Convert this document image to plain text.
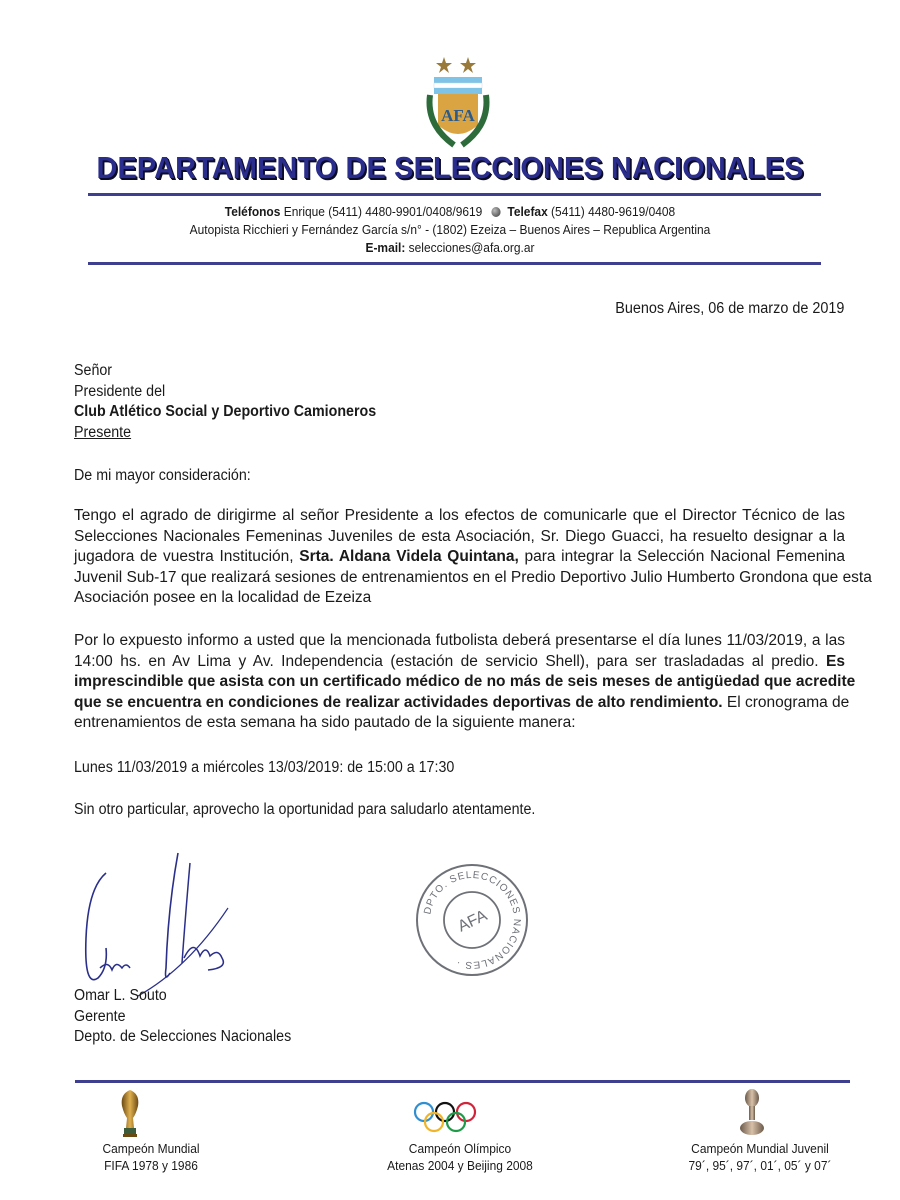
AFA
DEPARTAMENTO DE SELECCIONES NACIONALES
Teléfonos Enrique (5411) 4480-9901/0408/9619 Telefax (5411) 4480-9619/0408
Autopista Ricchieri y Fernández García s/n° - (1802) Ezeiza – Buenos Aires – Republica Argentina
E-mail: selecciones@afa.org.ar
Buenos Aires, 06 de marzo de 2019
Señor
Presidente del
Club Atlético Social y Deportivo Camioneros
Presente
De mi mayor consideración:
Tengo el agrado de dirigirme al señor Presidente a los efectos de comunicarle que el Director Técnico de las
Selecciones Nacionales Femeninas Juveniles de esta Asociación, Sr. Diego Guacci, ha resuelto designar a la
jugadora de vuestra Institución, Srta. Aldana Videla Quintana, para integrar la Selección Nacional Femenina
Juvenil Sub-17 que realizará sesiones de entrenamientos en el Predio Deportivo Julio Humberto Grondona que esta
Asociación posee en la localidad de Ezeiza
Por lo expuesto informo a usted que la mencionada futbolista deberá presentarse el día lunes 11/03/2019, a las
14:00 hs. en Av Lima y Av. Independencia (estación de servicio Shell), para ser trasladadas al predio. Es
imprescindible que asista con un certificado médico de no más de seis meses de antigüedad que acredite
que se encuentra en condiciones de realizar actividades deportivas de alto rendimiento. El cronograma de
entrenamientos de esta semana ha sido pautado de la siguiente manera:
Lunes 11/03/2019 a miércoles 13/03/2019: de 15:00 a 17:30
Sin otro particular, aprovecho la oportunidad para saludarlo atentamente.
DPTO. SELECCIONES NACIONALES ·
AFA
Omar L. Souto
Gerente
Depto. de Selecciones Nacionales
Campeón Mundial
FIFA 1978 y 1986
Campeón Olímpico
Atenas 2004 y Beijing 2008
Campeón Mundial Juvenil
79´, 95´, 97´, 01´, 05´ y 07´
